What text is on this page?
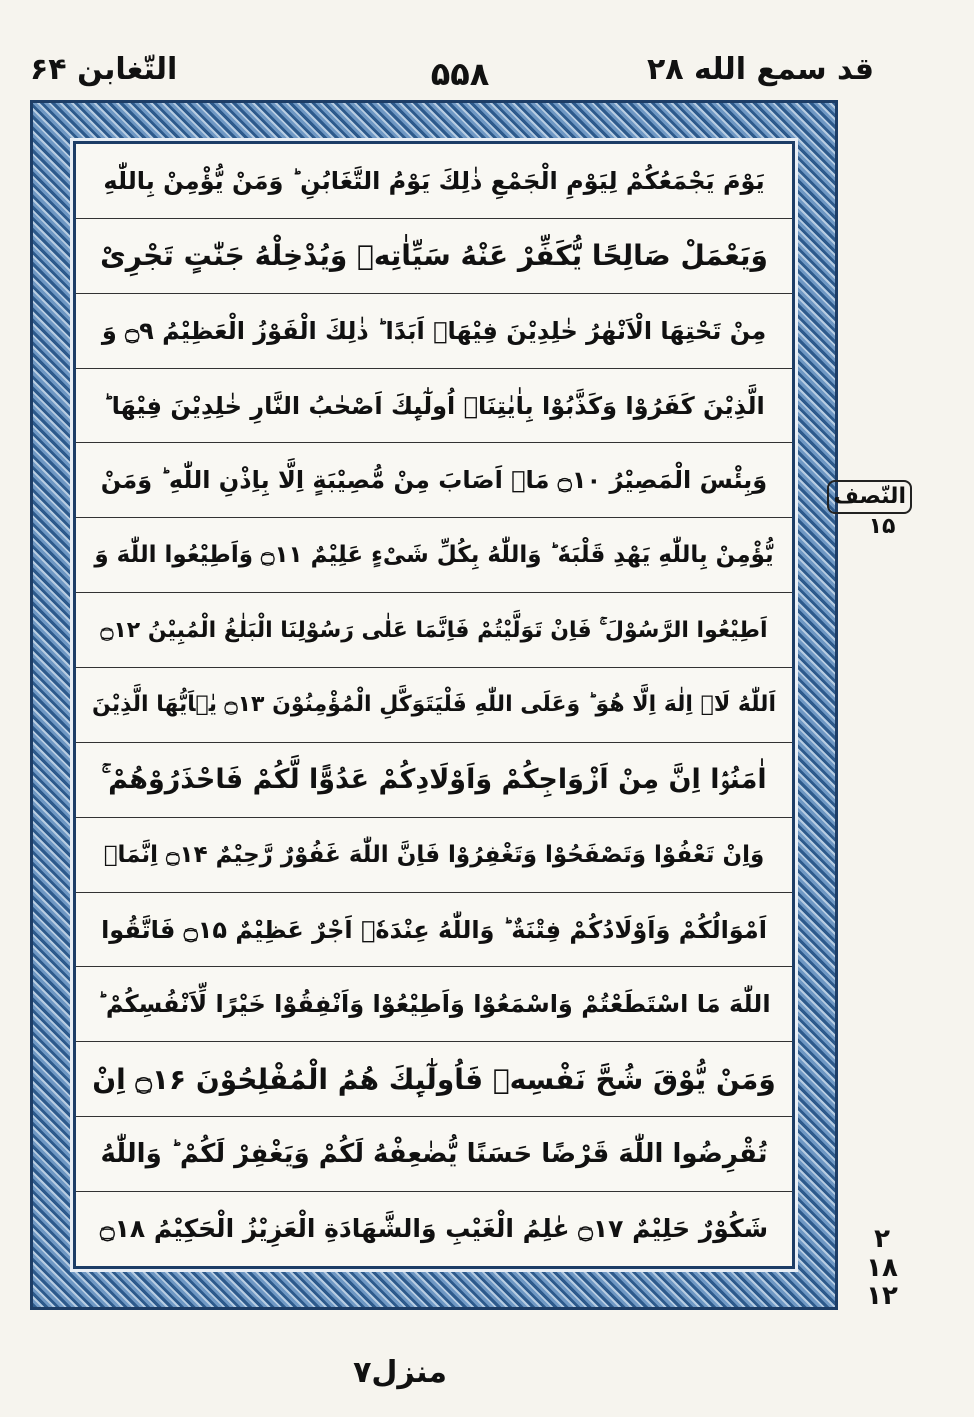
قد سمع الله ۲۸
۵۵۸
التّغابن ۶۴
یَوْمَ یَجْمَعُكُمْ لِیَوْمِ الْجَمْعِ ذٰلِكَ یَوْمُ التَّغَابُنِ ؕ وَمَنْ یُّؤْمِنْ بِاللّٰهِ
وَیَعْمَلْ صَالِحًا یُّكَفِّرْ عَنْهُ سَیِّاٰتِهٖ وَیُدْخِلْهُ جَنّٰتٍ تَجْرِیْ
مِنْ تَحْتِهَا الْاَنْهٰرُ خٰلِدِیْنَ فِیْهَاۤ اَبَدًا ؕ ذٰلِكَ الْفَوْزُ الْعَظِیْمُ ۝۹ وَ
الَّذِیْنَ كَفَرُوْا وَكَذَّبُوْا بِاٰیٰتِنَاۤ اُولٰٓىِٕكَ اَصْحٰبُ النَّارِ خٰلِدِیْنَ فِیْهَا ؕ
وَبِئْسَ الْمَصِیْرُ ۝۱۰ مَاۤ اَصَابَ مِنْ مُّصِیْبَةٍ اِلَّا بِاِذْنِ اللّٰهِ ؕ وَمَنْ
یُّؤْمِنْ بِاللّٰهِ یَهْدِ قَلْبَهٗ ؕ وَاللّٰهُ بِكُلِّ شَیْءٍ عَلِیْمٌ ۝۱۱ وَاَطِیْعُوا اللّٰهَ وَ
اَطِیْعُوا الرَّسُوْلَ ۚ فَاِنْ تَوَلَّیْتُمْ فَاِنَّمَا عَلٰى رَسُوْلِنَا الْبَلٰغُ الْمُبِیْنُ ۝۱۲
اَللّٰهُ لَاۤ اِلٰهَ اِلَّا هُوَ ؕ وَعَلَى اللّٰهِ فَلْیَتَوَكَّلِ الْمُؤْمِنُوْنَ ۝۱۳ یٰۤاَیُّهَا الَّذِیْنَ
اٰمَنُوْۤا اِنَّ مِنْ اَزْوَاجِكُمْ وَاَوْلَادِكُمْ عَدُوًّا لَّكُمْ فَاحْذَرُوْهُمْ ۚ
وَاِنْ تَعْفُوْا وَتَصْفَحُوْا وَتَغْفِرُوْا فَاِنَّ اللّٰهَ غَفُوْرٌ رَّحِیْمٌ ۝۱۴ اِنَّمَاۤ
اَمْوَالُكُمْ وَاَوْلَادُكُمْ فِتْنَةٌ ؕ وَاللّٰهُ عِنْدَهٗۤ اَجْرٌ عَظِیْمٌ ۝۱۵ فَاتَّقُوا
اللّٰهَ مَا اسْتَطَعْتُمْ وَاسْمَعُوْا وَاَطِیْعُوْا وَاَنْفِقُوْا خَیْرًا لِّاَنْفُسِكُمْ ؕ
وَمَنْ یُّوْقَ شُحَّ نَفْسِهٖ فَاُولٰٓىِٕكَ هُمُ الْمُفْلِحُوْنَ ۝۱۶ اِنْ
تُقْرِضُوا اللّٰهَ قَرْضًا حَسَنًا یُّضٰعِفْهُ لَكُمْ وَیَغْفِرْ لَكُمْ ؕ وَاللّٰهُ
شَكُوْرٌ حَلِیْمٌ ۝۱۷ عٰلِمُ الْغَیْبِ وَالشَّهَادَةِ الْعَزِیْزُ الْحَكِیْمُ ۝۱۸
النّصف
۱۵
۲
۱۸ ۱۲
منزل۷
